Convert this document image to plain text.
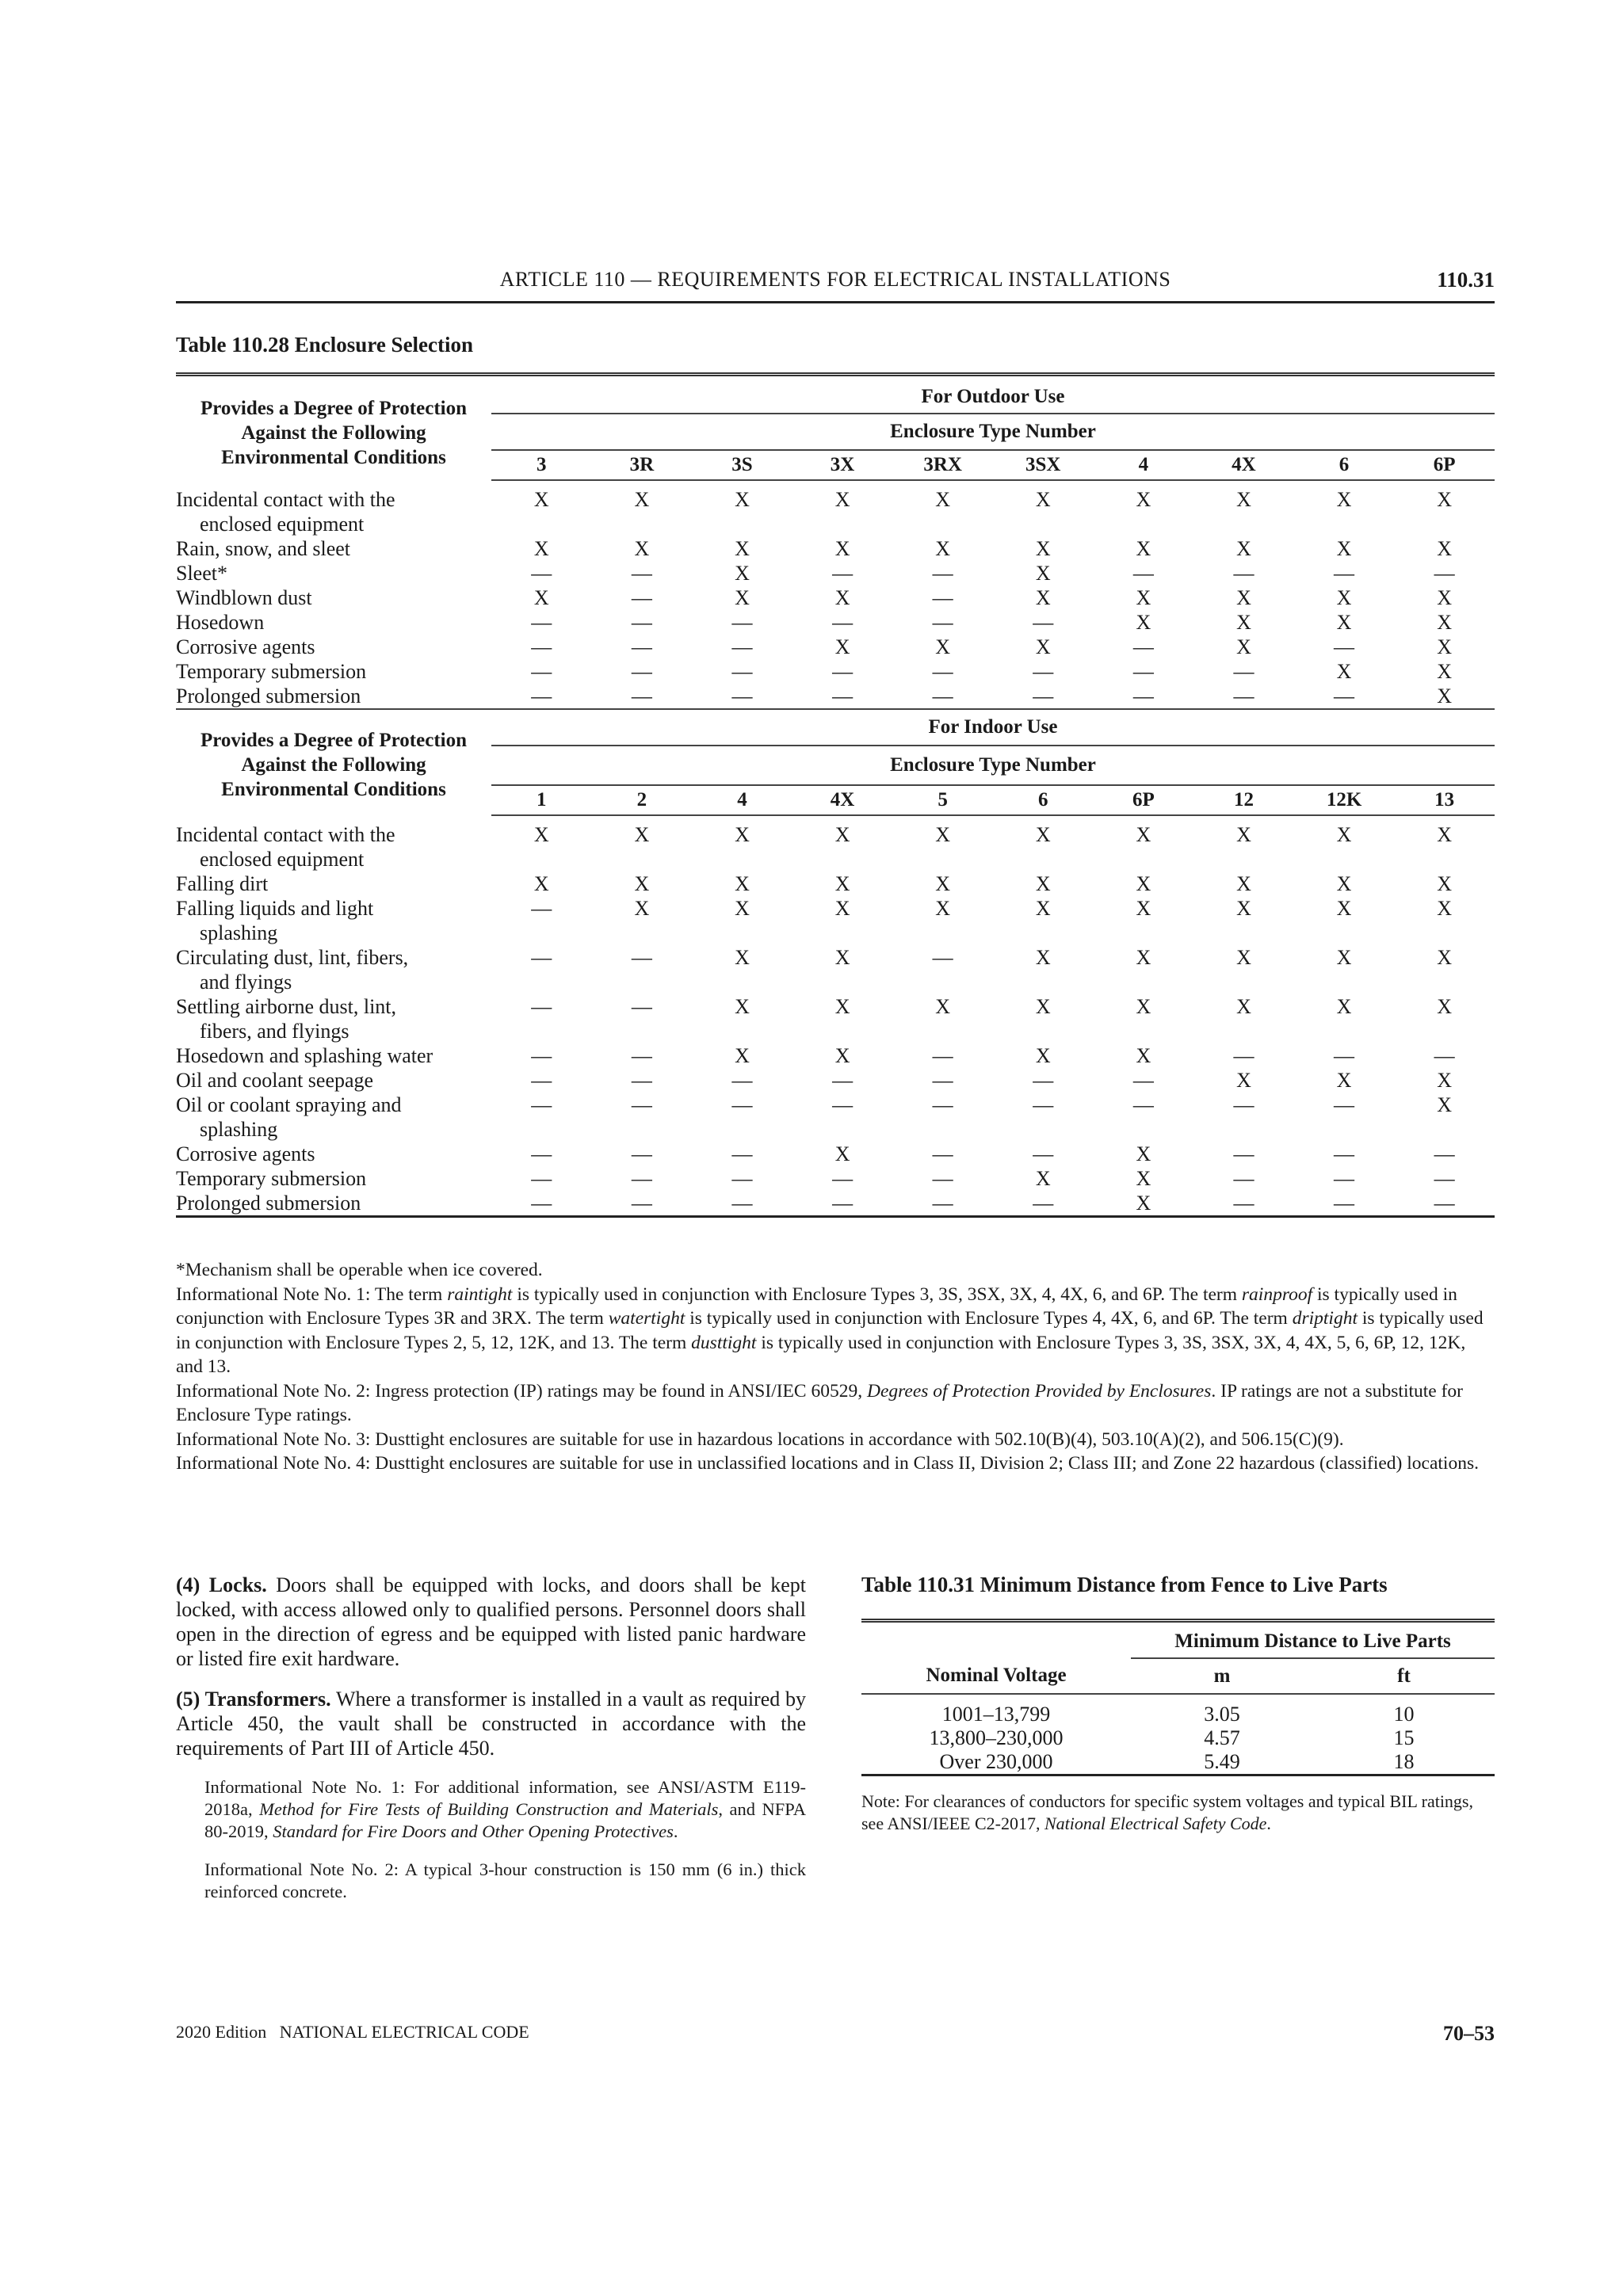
ARTICLE 110 — REQUIREMENTS FOR ELECTRICAL INSTALLATIONS	110.31
Table 110.28 Enclosure Selection

Provides a Degree of Protection
Against the Following
Environmental Conditions	For Outdoor Use									
	Enclosure Type Number									
	3	3R	3S	3X	3RX	3SX	4	4X	6	6P

Incidental contact with the
enclosed equipment	X	X	X	X	X	X	X	X	X	X

Rain, snow, and sleet	X	X	X	X	X	X	X	X	X	X

Sleet*	—	—	X	—	—	X	—	—	—	—

Windblown dust	X	—	X	X	—	X	X	X	X	X

Hosedown	—	—	—	—	—	—	X	X	X	X

Corrosive agents	—	—	—	X	X	X	—	X	—	X

Temporary submersion	—	—	—	—	—	—	—	—	X	X

Prolonged submersion	—	—	—	—	—	—	—	—	—	X
Provides a Degree of Protection
Against the Following
Environmental Conditions	For Indoor Use									
	Enclosure Type Number									
	1	2	4	4X	5	6	6P	12	12K	13

Incidental contact with the
enclosed equipment	X	X	X	X	X	X	X	X	X	X

Falling dirt	X	X	X	X	X	X	X	X	X	X

Falling liquids and light
splashing	—	X	X	X	X	X	X	X	X	X

Circulating dust, lint, fibers,
and flyings	—	—	X	X	—	X	X	X	X	X

Settling airborne dust, lint,
fibers, and flyings	—	—	X	X	X	X	X	X	X	X

Hosedown and splashing water	—	—	X	X	—	X	X	—	—	—

Oil and coolant seepage	—	—	—	—	—	—	—	X	X	X

Oil or coolant spraying and
splashing	—	—	—	—	—	—	—	—	—	X

Corrosive agents	—	—	—	X	—	—	X	—	—	—

Temporary submersion	—	—	—	—	—	X	X	—	—	—

Prolonged submersion	—	—	—	—	—	—	X	—	—	—

*Mechanism shall be operable when ice covered.

Informational Note No. 1: The term raintight is typically used in conjunction with Enclosure Types 3, 3S, 3SX, 3X, 4, 4X, 6, and 6P. The term rainproof is typically used in conjunction with Enclosure Types 3R and 3RX. The term watertight is typically used in conjunction with Enclosure Types 4, 4X, 6, and 6P. The term driptight is typically used in conjunction with Enclosure Types 2, 5, 12, 12K, and 13. The term dusttight is typically used in conjunction with Enclosure Types 3, 3S, 3SX, 3X, 4, 4X, 5, 6, 6P, 12, 12K, and 13.

Informational Note No. 2: Ingress protection (IP) ratings may be found in ANSI/IEC 60529, Degrees of Protection Provided by Enclosures. IP ratings are not a substitute for Enclosure Type ratings.

Informational Note No. 3: Dusttight enclosures are suitable for use in hazardous locations in accordance with 502.10(B)(4), 503.10(A)(2), and 506.15(C)(9).

Informational Note No. 4: Dusttight enclosures are suitable for use in unclassified locations and in Class II, Division 2; Class III; and Zone 22 hazardous (classified) locations.

(4) Locks. Doors shall be equipped with locks, and doors shall be kept locked, with access allowed only to qualified persons. Personnel doors shall open in the direction of egress and be equipped with listed panic hardware or listed fire exit hardware.

(5) Transformers. Where a transformer is installed in a vault as required by Article 450, the vault shall be constructed in accordance with the requirements of Part III of Article 450.

Informational Note No. 1: For additional information, see ANSI/ASTM E119-2018a, Method for Fire Tests of Building Construction and Materials, and NFPA 80-2019, Standard for Fire Doors and Other Opening Protectives.

Informational Note No. 2: A typical 3-hour construction is 150 mm (6 in.) thick reinforced concrete.

Table 110.31 Minimum Distance from Fence to Live Parts

	Minimum Distance to Live Parts	
Nominal Voltage	m	ft

1001–13,799	3.05	10
13,800–230,000	4.57	15
Over 230,000	5.49	18
Note: For clearances of conductors for specific system voltages and typical BIL ratings, see ANSI/IEEE C2-2017, National Electrical Safety Code.
2020 Edition NATIONAL ELECTRICAL CODE	70–53
